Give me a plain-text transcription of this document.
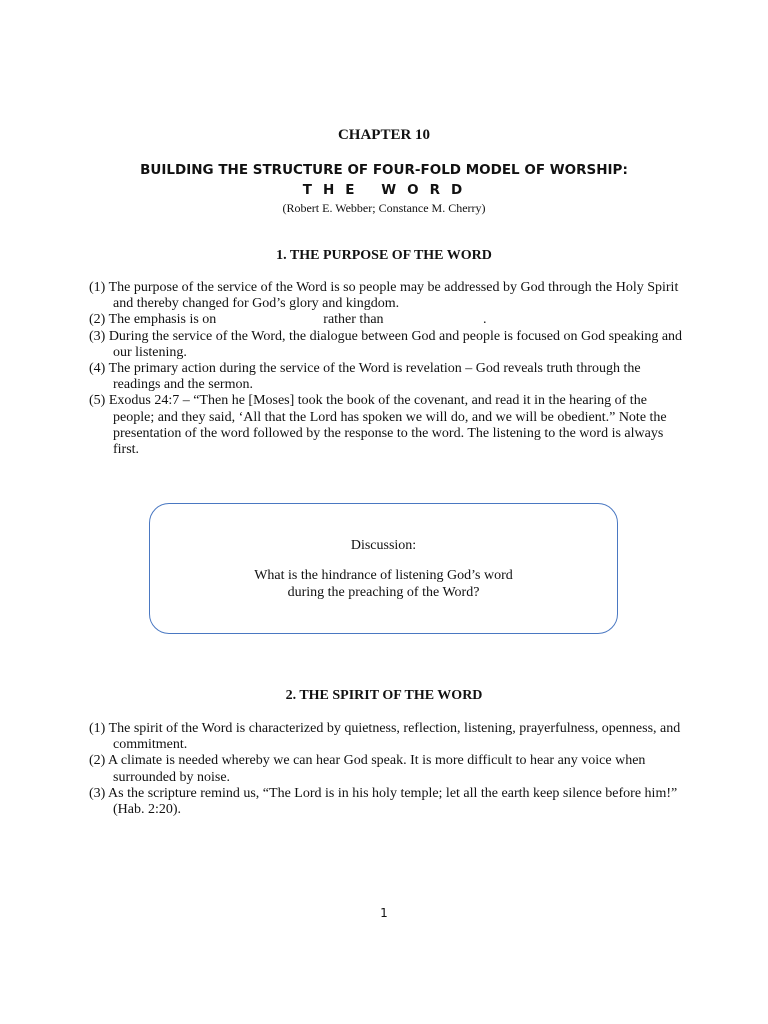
CHAPTER 10
BUILDING THE STRUCTURE OF FOUR-FOLD MODEL OF WORSHIP:
THE WORD
(Robert E. Webber; Constance M. Cherry)
1. THE PURPOSE OF THE WORD
(1) The purpose of the service of the Word is so people may be addressed by God through the Holy Spirit and thereby changed for God’s glory and kingdom.
(2) The emphasis is on	rather than	.
(3) During the service of the Word, the dialogue between God and people is focused on God speaking and our listening.
(4) The primary action during the service of the Word is revelation – God reveals truth through the readings and the sermon.
(5) Exodus 24:7 – “Then he [Moses] took the book of the covenant, and read it in the hearing of the people; and they said, ‘All that the Lord has spoken we will do, and we will be obedient.” Note the presentation of the word followed by the response to the word. The listening to the word is always first.
Discussion:
What is the hindrance of listening God’s word
during the preaching of the Word?
2. THE SPIRIT OF THE WORD
(1) The spirit of the Word is characterized by quietness, reflection, listening, prayerfulness, openness, and commitment.
(2) A climate is needed whereby we can hear God speak. It is more difficult to hear any voice when surrounded by noise.
(3) As the scripture remind us, “The Lord is in his holy temple; let all the earth keep silence before him!” (Hab. 2:20).
1
